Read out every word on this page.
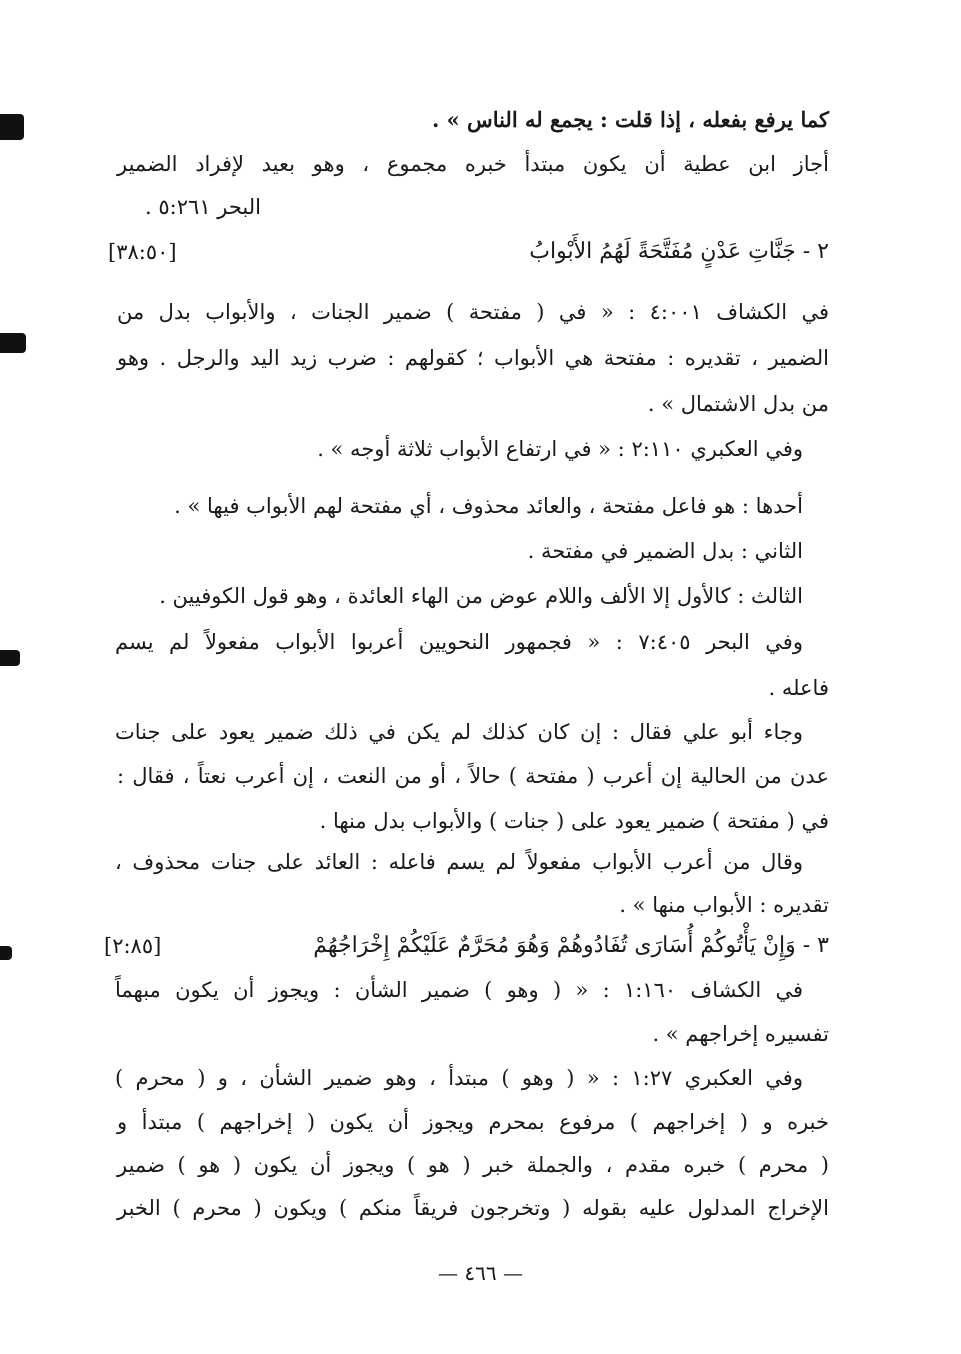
كما يرفع بفعله ، إذا قلت : يجمع له الناس » .
أجاز ابن عطية أن يكون مبتدأ خبره مجموع ، وهو بعيد لإفراد الضمير
البحر ٥:٢٦١ .
٢ - جَنَّاتِ عَدْنٍ مُفَتَّحَةً لَهُمُ الأَبْوابُ
[٣٨:٥٠]
في الكشاف ٤:٠٠١ : « في ( مفتحة ) ضمير الجنات ، والأبواب بدل من
الضمير ، تقديره : مفتحة هي الأبواب ؛ كقولهم : ضرب زيد اليد والرجل . وهو
من بدل الاشتمال » .
وفي العكبري ٢:١١٠ : « في ارتفاع الأبواب ثلاثة أوجه » .
أحدها : هو فاعل مفتحة ، والعائد محذوف ، أي مفتحة لهم الأبواب فيها » .
الثاني : بدل الضمير في مفتحة .
الثالث : كالأول إلا الألف واللام عوض من الهاء العائدة ، وهو قول الكوفيين .
وفي البحر ٧:٤٠٥ : « فجمهور النحويين أعربوا الأبواب مفعولاً لم يسم
فاعله .
وجاء أبو علي فقال : إن كان كذلك لم يكن في ذلك ضمير يعود على جنات
عدن من الحالية إن أعرب ( مفتحة ) حالاً ، أو من النعت ، إن أعرب نعتاً ، فقال :
في ( مفتحة ) ضمير يعود على ( جنات ) والأبواب بدل منها .
وقال من أعرب الأبواب مفعولاً لم يسم فاعله : العائد على جنات محذوف ،
تقديره : الأبواب منها » .
٣ - وَإِنْ يَأْتُوكُمْ أُسَارَى تُفَادُوهُمْ وَهُوَ مُحَرَّمٌ عَلَيْكُمْ إِخْرَاجُهُمْ
[٢:٨٥]
في الكشاف ١:١٦٠ : « ( وهو ) ضمير الشأن : ويجوز أن يكون مبهماً
تفسيره إخراجهم » .
وفي العكبري ١:٢٧ : « ( وهو ) مبتدأ ، وهو ضمير الشأن ، و ( محرم )
خبره و ( إخراجهم ) مرفوع بمحرم ويجوز أن يكون ( إخراجهم ) مبتدأ و
( محرم ) خبره مقدم ، والجملة خبر ( هو ) ويجوز أن يكون ( هو ) ضمير
الإخراج المدلول عليه بقوله ( وتخرجون فريقاً منكم ) ويكون ( محرم ) الخبر
— ٤٦٦ —
